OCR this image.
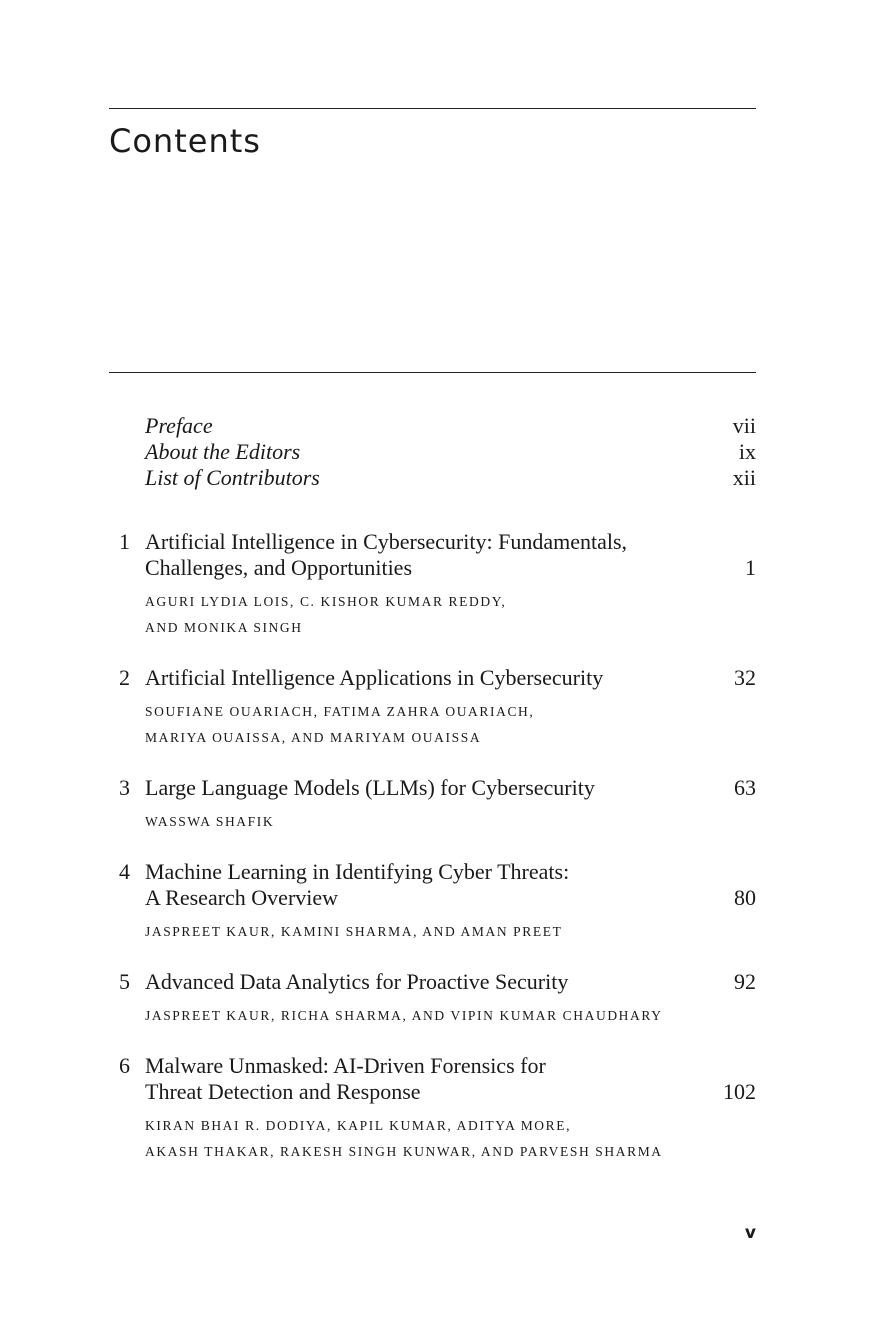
Contents
Preface	vii
About the Editors	ix
List of Contributors	xii
1 Artificial Intelligence in Cybersecurity: Fundamentals,
Challenges, and Opportunities	1
AGURI LYDIA LOIS, C. KISHOR KUMAR REDDY,
AND MONIKA SINGH
2 Artificial Intelligence Applications in Cybersecurity	32
SOUFIANE OUARIACH, FATIMA ZAHRA OUARIACH,
MARIYA OUAISSA, AND MARIYAM OUAISSA
3 Large Language Models (LLMs) for Cybersecurity	63
WASSWA SHAFIK
4 Machine Learning in Identifying Cyber Threats:
A Research Overview	80
JASPREET KAUR, KAMINI SHARMA, AND AMAN PREET
5 Advanced Data Analytics for Proactive Security	92
JASPREET KAUR, RICHA SHARMA, AND VIPIN KUMAR CHAUDHARY
6 Malware Unmasked: AI-Driven Forensics for
Threat Detection and Response	102
KIRAN BHAI R. DODIYA, KAPIL KUMAR, ADITYA MORE,
AKASH THAKAR, RAKESH SINGH KUNWAR, AND PARVESH SHARMA
v
